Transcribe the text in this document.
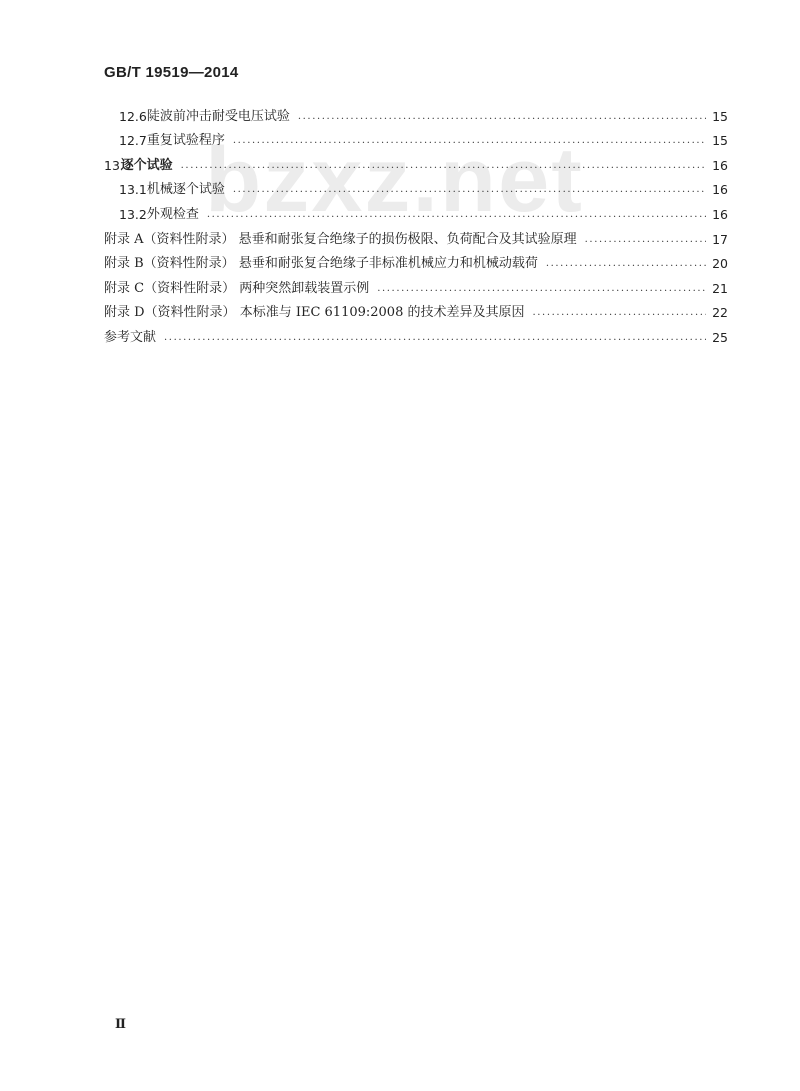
bzxz.net
GB/T 19519—2014
12.6 陡波前冲击耐受电压试验 .....	15
12.7 重复试验程序 .....	15
13 逐个试验 .....	16
13.1 机械逐个试验 .....	16
13.2 外观检查 .....	16
附录 A（资料性附录） 悬垂和耐张复合绝缘子的损伤极限、负荷配合及其试验原理 .....	17
附录 B（资料性附录） 悬垂和耐张复合绝缘子非标准机械应力和机械动载荷 .....	20
附录 C（资料性附录） 两种突然卸载装置示例 .....	21
附录 D（资料性附录） 本标准与 IEC 61109:2008 的技术差异及其原因 .....	22
参考文献 .....	25
Ⅱ
